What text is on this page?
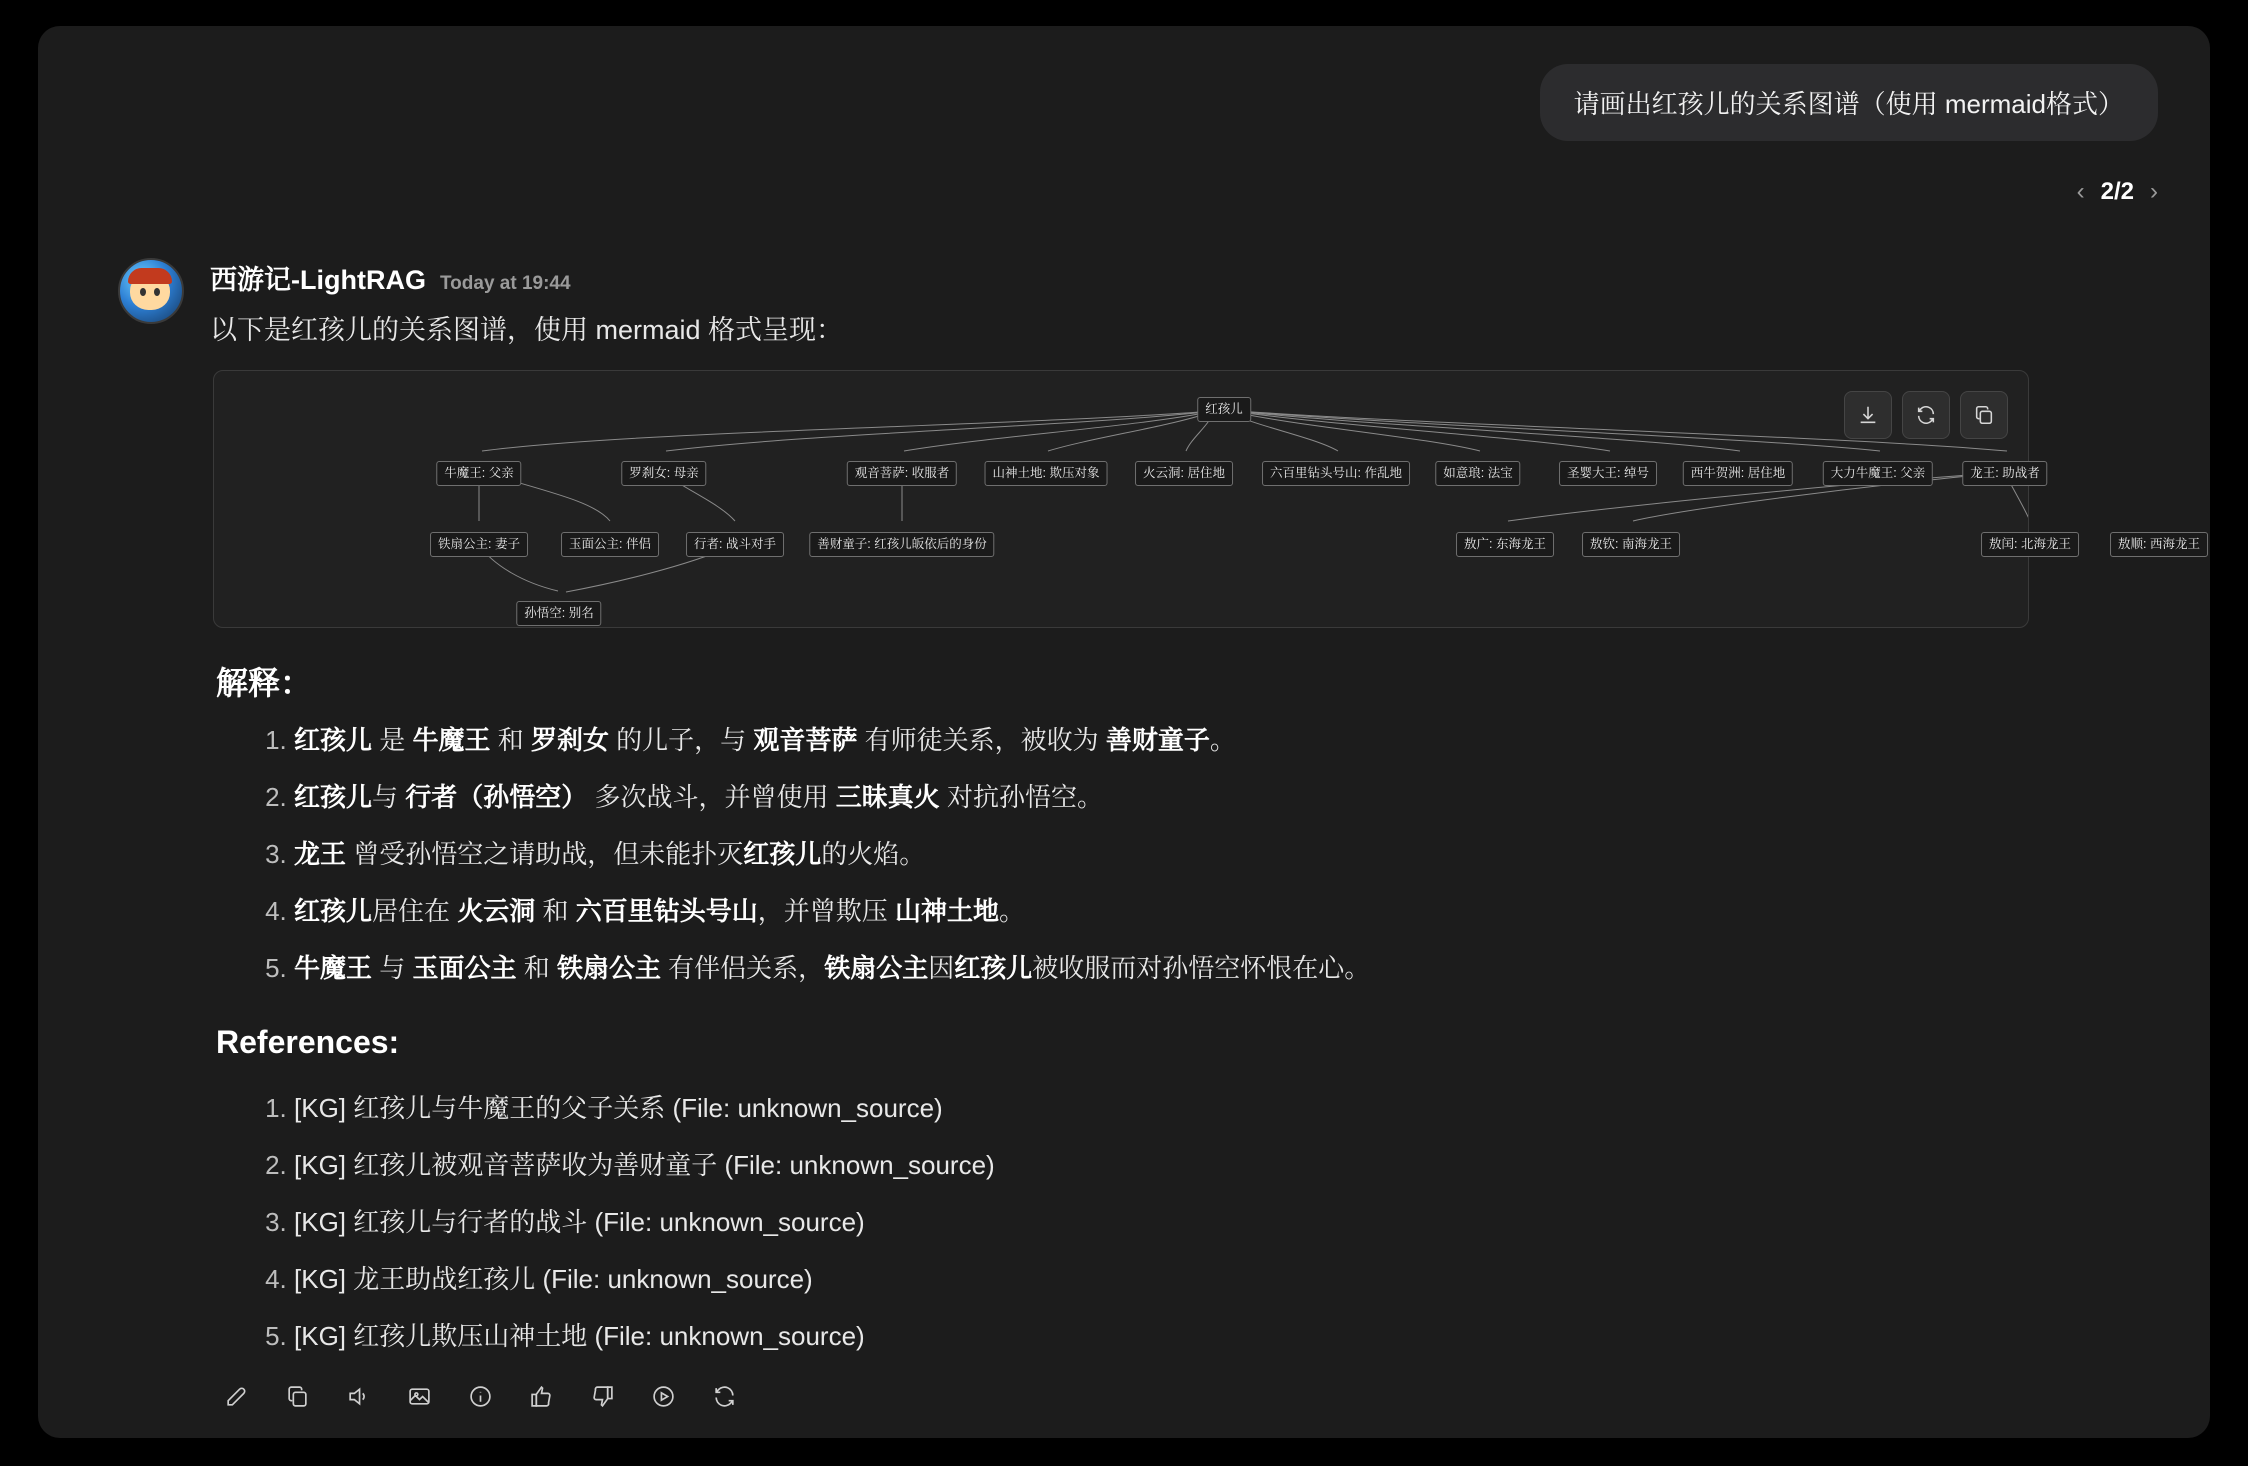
请画出红孩儿的关系图谱（使用 mermaid格式）
‹ 2/2 ›
西游记-LightRAG Today at 19:44
以下是红孩儿的关系图谱，使用 mermaid 格式呈现：
红孩儿
牛魔王: 父亲	罗刹女: 母亲	观音菩萨: 收服者	山神土地: 欺压对象	火云洞: 居住地	六百里钻头号山: 作乱地	如意琅: 法宝	圣婴大王: 绰号	西牛贺洲: 居住地	大力牛魔王: 父亲	龙王: 助战者
铁扇公主: 妻子	玉面公主: 伴侣	行者: 战斗对手	善财童子: 红孩儿皈依后的身份	敖广: 东海龙王	敖钦: 南海龙王	敖闰: 北海龙王	敖顺: 西海龙王
孙悟空: 别名
解释：
1. 红孩儿 是 牛魔王 和 罗刹女 的儿子，与 观音菩萨 有师徒关系，被收为 善财童子。
2. 红孩儿与 行者（孙悟空） 多次战斗，并曾使用 三昧真火 对抗孙悟空。
3. 龙王 曾受孙悟空之请助战，但未能扑灭红孩儿的火焰。
4. 红孩儿居住在 火云洞 和 六百里钻头号山，并曾欺压 山神土地。
5. 牛魔王 与 玉面公主 和 铁扇公主 有伴侣关系，铁扇公主因红孩儿被收服而对孙悟空怀恨在心。
References:
1. [KG] 红孩儿与牛魔王的父子关系 (File: unknown_source)
2. [KG] 红孩儿被观音菩萨收为善财童子 (File: unknown_source)
3. [KG] 红孩儿与行者的战斗 (File: unknown_source)
4. [KG] 龙王助战红孩儿 (File: unknown_source)
5. [KG] 红孩儿欺压山神土地 (File: unknown_source)
